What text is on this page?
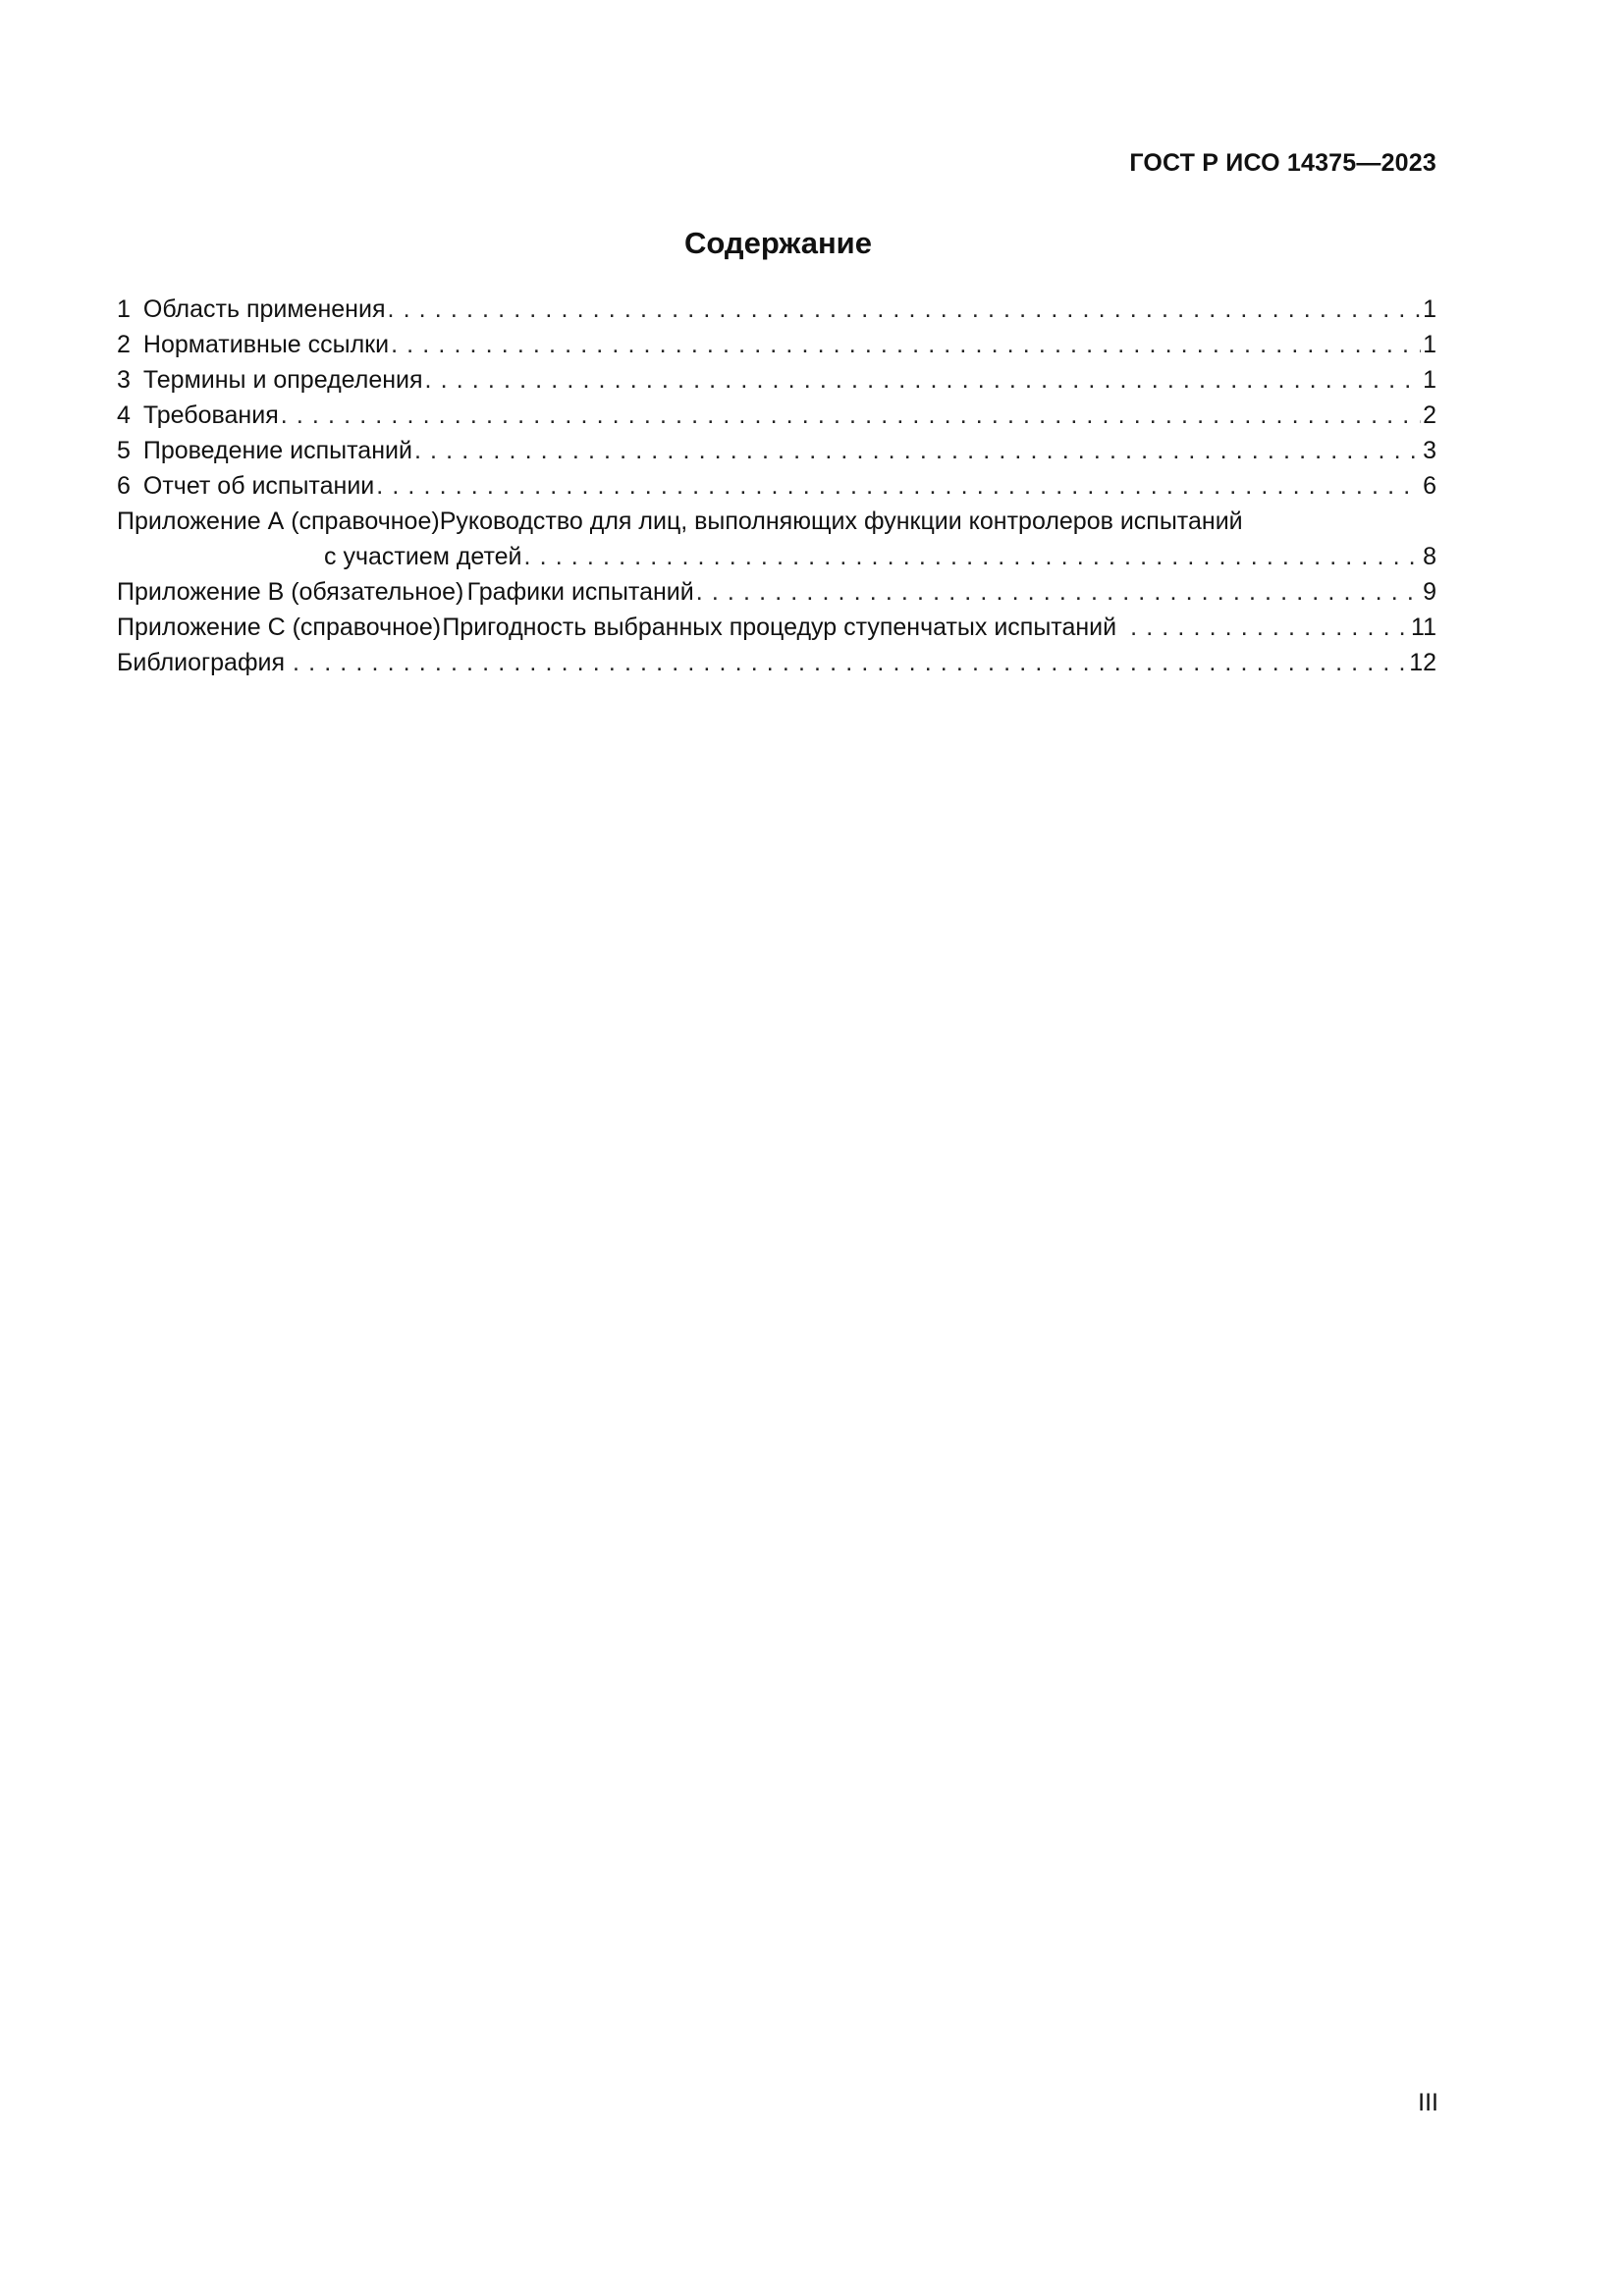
ГОСТ Р ИСО 14375—2023
Содержание
1 Область применения . . .	1
2 Нормативные ссылки . . .	1
3 Термины и определения . . .	1
4 Требования . . .	2
5 Проведение испытаний . . .	3
6 Отчет об испытании . . .	6
Приложение А (справочное)Руководство для лиц, выполняющих функции контролеров испытаний
с участием детей . . .	8
Приложение В (обязательное) Графики испытаний . . .	9
Приложение С (справочное) Пригодность выбранных процедур ступенчатых испытаний . . .	11
Библиография . . .	12
III
